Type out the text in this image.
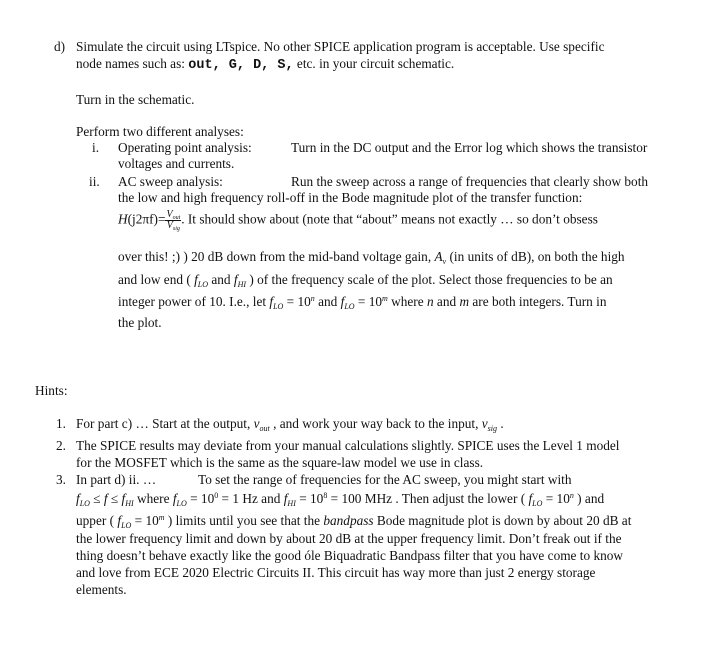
d) Simulate the circuit using LTspice. No other SPICE application program is acceptable. Use specific
node names such as: out, G, D, S, etc. in your circuit schematic.
Turn in the schematic.
Perform two different analyses:
i. Operating point analysis:	Turn in the DC output and the Error log which shows the transistor
voltages and currents.
ii. AC sweep analysis:	Run the sweep across a range of frequencies that clearly show both
the low and high frequency roll-off in the Bode magnitude plot of the transfer function:
$H(j2\pi f)= \frac{V_{out}}{V_{sig}}$ . It should show about (note that “about” means not exactly … so don’t obsess
over this! ;) ) 20 dB down from the mid-band voltage gain, $A_v$ (in units of dB), on both the high
and low end ( $f_{LO}$ and $f_{HI}$ ) of the frequency scale of the plot. Select those frequencies to be an
integer power of 10. I.e., let $f_{LO} = 10^n$ and $f_{LO} = 10^m$ where n and m are both integers. Turn in
the plot.
Hints:
1. For part c) … Start at the output, $v_{out}$ , and work your way back to the input, $v_{sig}$ .
2. The SPICE results may deviate from your manual calculations slightly. SPICE uses the Level 1 model
for the MOSFET which is the same as the square-law model we use in class.
3. In part d) ii. …	To set the range of frequencies for the AC sweep, you might start with
$f_{LO} \le f \le f_{HI}$ where $f_{LO} = 10^0 = 1$ Hz and $f_{HI} = 10^8 = 100$ MHz . Then adjust the lower ( $f_{LO} = 10^n$ ) and
upper ( $f_{LO} = 10^m$ ) limits until you see that the bandpass Bode magnitude plot is down by about 20 dB at
the lower frequency limit and down by about 20 dB at the upper frequency limit. Don’t freak out if the
thing doesn’t behave exactly like the good óle Biquadratic Bandpass filter that you have come to know
and love from ECE 2020 Electric Circuits II. This circuit has way more than just 2 energy storage
elements.
